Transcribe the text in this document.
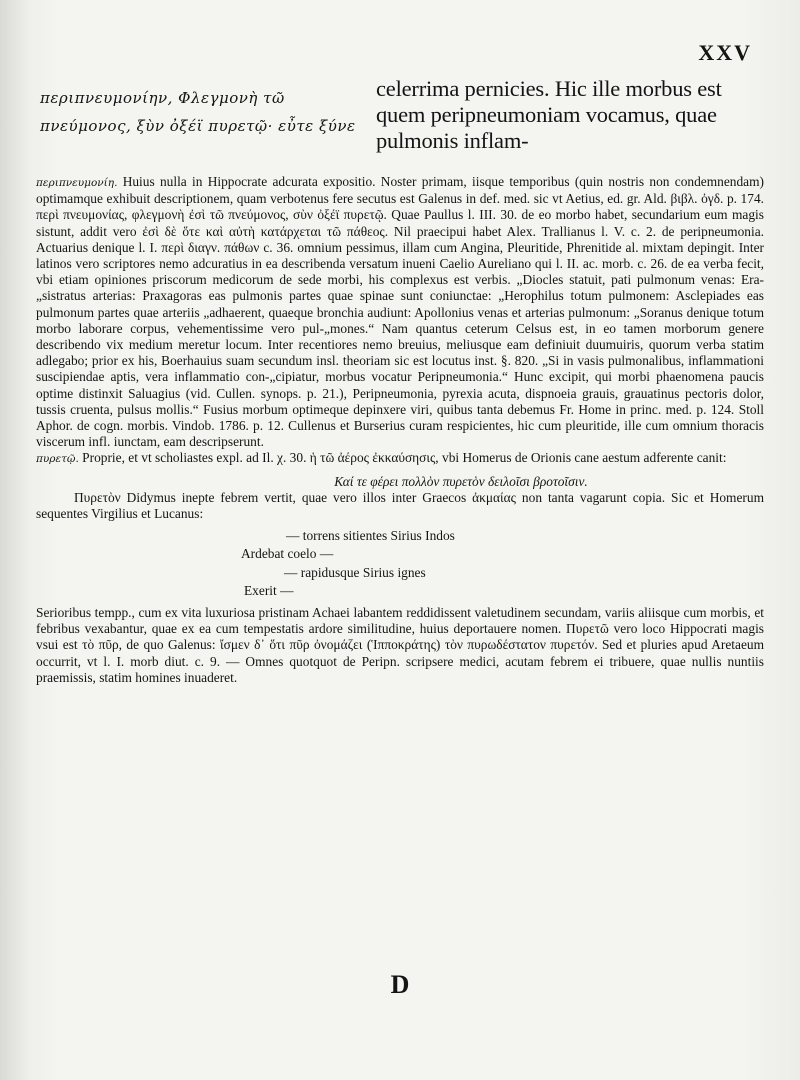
XXV
περιπνευμονίην, Φλεγμονὴ τῶ πνεύμονος, ξὺν ὀξέϊ πυρετῷ· εὖτε ξύνε
celerrima pernicies. Hic ille morbus est quem peripneumoniam vocamus, quae pulmonis inflam-

περιπνευμονίη. Huius nulla in Hippocrate adcurata expositio. Noster primam, iisque temporibus (quin nostris non condemnendam) optimamque exhibuit descriptionem, quam verbotenus fere secutus est Galenus in def. med. sic vt Aetius, ed. gr. Ald. βιβλ. ὀγδ. p. 174. περὶ πνευμονίας, φλεγμονὴ ἐσὶ τῶ πνεύμονος, σὺν ὀξέϊ πυρετῷ. Quae Paullus l. III. 30. de eo morbo habet, secundarium eum magis sistunt, addit vero ἐσὶ δὲ ὅτε καὶ αὐτὴ κατάρχεται τῶ πάθεος. Nil praecipui habet Alex. Trallianus l. V. c. 2. de peripneumonia. Actuarius denique l. I. περὶ διαγν. πάθων c. 36. omnium pessimus, illam cum Angina, Pleuritide, Phrenitide al. mixtam depingit. Inter latinos vero scriptores nemo adcuratius in ea describenda versatum inueni Caelio Aureliano qui l. II. ac. morb. c. 26. de ea verba fecit, vbi etiam opiniones priscorum medicorum de sede morbi, his complexus est verbis. „Diocles statuit, pati pulmonum venas: Era-„sistratus arterias: Praxagoras eas pulmonis partes quae spinae sunt coniunctae: „Herophilus totum pulmonem: Asclepiades eas pulmonum partes quae arteriis „adhaerent, quaeque bronchia audiunt: Apollonius venas et arterias pulmonum: „Soranus denique totum morbo laborare corpus, vehementissime vero pul-„mones.“ Nam quantus ceterum Celsus est, in eo tamen morborum genere describendo vix medium meretur locum. Inter recentiores nemo breuius, meliusque eam definiuit duumuiris, quorum verba statim adlegabo; prior ex his, Boerhauius suam secundum insl. theoriam sic est locutus inst. §. 820. „Si in vasis pulmonalibus, inflammationi suscipiendae aptis, vera inflammatio con-„cipiatur, morbus vocatur Peripneumonia.“ Hunc excipit, qui morbi phaenomena paucis optime distinxit Saluagius (vid. Cullen. synops. p. 21.), Peripneumonia, pyrexia acuta, dispnoeia grauis, grauatinus pectoris dolor, tussis cruenta, pulsus mollis.“ Fusius morbum optimeque depinxere viri, quibus tanta debemus Fr. Home in princ. med. p. 124. Stoll Aphor. de cogn. morbis. Vindob. 1786. p. 12. Cullenus et Burserius curam respicientes, hic cum pleuritide, ille cum omnium thoracis viscerum infl. iunctam, eam descripserunt.

πυρετῷ. Proprie, et vt scholiastes expl. ad Il. χ. 30. ἡ τῶ ἀέρος ἐκκαύσησις, vbi Homerus de Orionis cane aestum adferente canit:

Καί τε φέρει πολλὸν πυρετὸν δειλοῖσι βροτοῖσιν.

Πυρετὸν Didymus inepte febrem vertit, quae vero illos inter Graecos ἀκμαίας non tanta vagarunt copia. Sic et Homerum sequentes Virgilius et Lucanus:

— torrens sitientes Sirius Indos

Ardebat coelo —

— rapidusque Sirius ignes

Exerit —

Serioribus tempp., cum ex vita luxuriosa pristinam Achaei labantem reddidissent valetudinem secundam, variis aliisque cum morbis, et febribus vexabantur, quae ex ea cum tempestatis ardore similitudine, huius deportauere nomen. Πυρετῶ vero loco Hippocrati magis vsui est τὸ πῦρ, de quo Galenus: ἴσμεν δ᾽ ὅτι πῦρ ὀνομάζει (Ἱπποκράτης) τὸν πυρωδέστατον πυρετόν. Sed et pluries apud Aretaeum occurrit, vt l. I. morb diut. c. 9. — Omnes quotquot de Peripn. scripsere medici, acutam febrem ei tribuere, quae nullis nuntiis praemissis, statim homines inuaderet.

D
